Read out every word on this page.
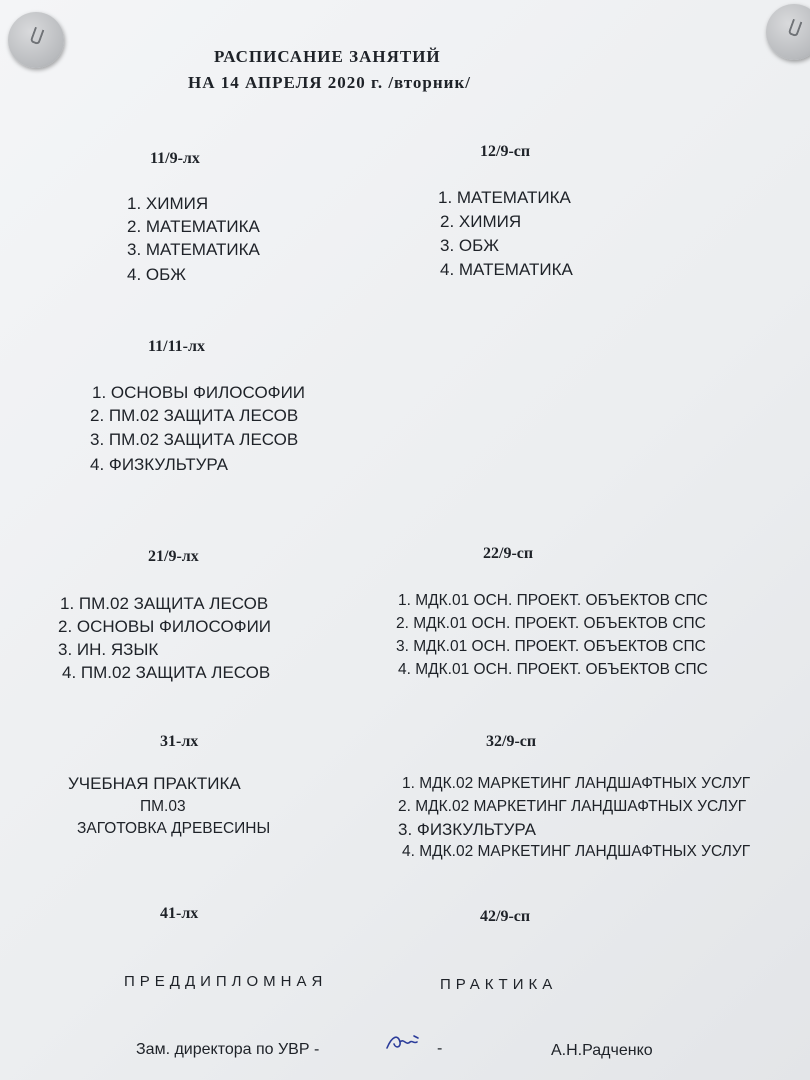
РАСПИСАНИЕ ЗАНЯТИЙ
НА 14 АПРЕЛЯ 2020 г. /вторник/
11/9-лх
1. ХИМИЯ
2. МАТЕМАТИКА
3. МАТЕМАТИКА
4. ОБЖ
12/9-сп
1. МАТЕМАТИКА
2. ХИМИЯ
3. ОБЖ
4. МАТЕМАТИКА
11/11-лх
1. ОСНОВЫ ФИЛОСОФИИ
2. ПМ.02 ЗАЩИТА ЛЕСОВ
3. ПМ.02 ЗАЩИТА ЛЕСОВ
4. ФИЗКУЛЬТУРА
21/9-лх
1. ПМ.02 ЗАЩИТА ЛЕСОВ
2. ОСНОВЫ ФИЛОСОФИИ
3. ИН. ЯЗЫК
4. ПМ.02 ЗАЩИТА ЛЕСОВ
22/9-сп
1. МДК.01 ОСН. ПРОЕКТ. ОБЪЕКТОВ СПС
2. МДК.01 ОСН. ПРОЕКТ. ОБЪЕКТОВ СПС
3. МДК.01 ОСН. ПРОЕКТ. ОБЪЕКТОВ СПС
4. МДК.01 ОСН. ПРОЕКТ. ОБЪЕКТОВ СПС
31-лх
УЧЕБНАЯ ПРАКТИКА
ПМ.03
ЗАГОТОВКА ДРЕВЕСИНЫ
32/9-сп
1. МДК.02 МАРКЕТИНГ ЛАНДШАФТНЫХ УСЛУГ
2. МДК.02 МАРКЕТИНГ ЛАНДШАФТНЫХ УСЛУГ
3. ФИЗКУЛЬТУРА
4. МДК.02 МАРКЕТИНГ ЛАНДШАФТНЫХ УСЛУГ
41-лх	42/9-сп
ПРЕДДИПЛОМНАЯ	ПРАКТИКА
Зам. директора по УВР -	-	А.Н.Радченко
